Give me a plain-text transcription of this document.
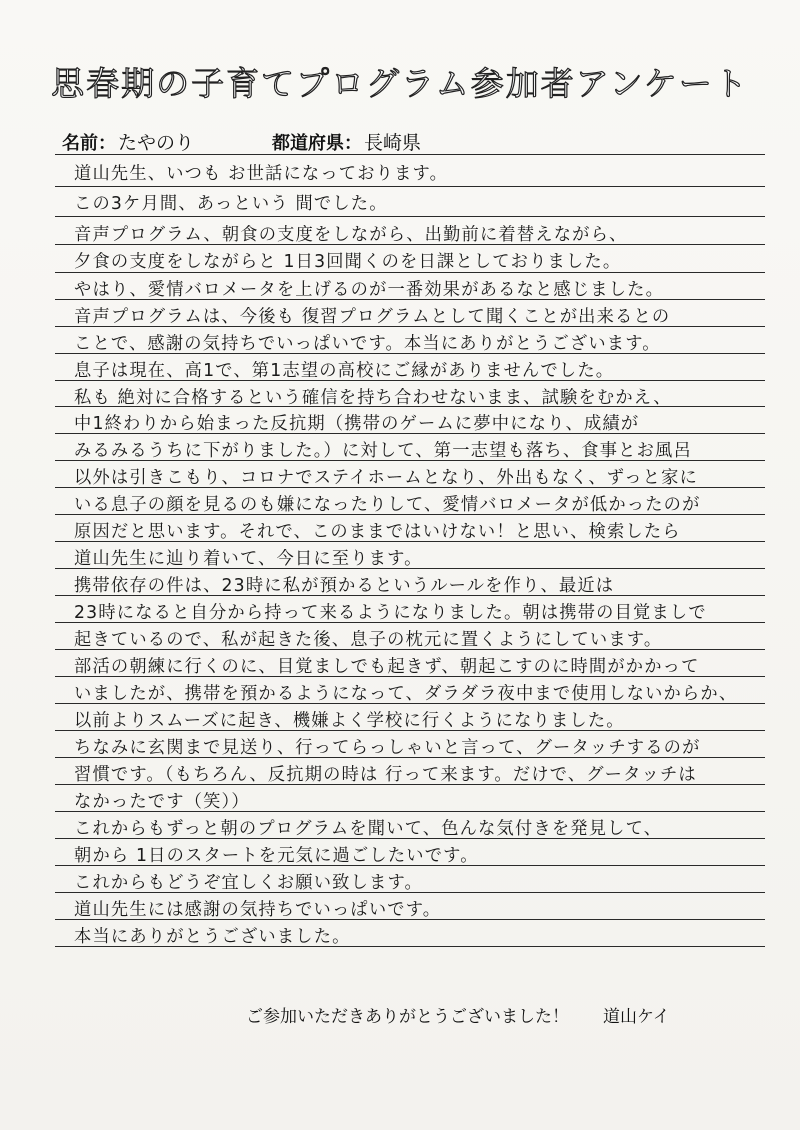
思春期の子育てプログラム参加者アンケート
名前： たやのり	都道府県： 長崎県
道山先生、いつも お世話になっております。
この3ケ月間、あっという 間でした。
音声プログラム、朝食の支度をしながら、出勤前に着替えながら、
夕食の支度をしながらと 1日3回聞くのを日課としておりました。
やはり、愛情バロメータを上げるのが一番効果があるなと感じました。
音声プログラムは、今後も 復習プログラムとして聞くことが出来るとの
ことで、感謝の気持ちでいっぱいです。本当にありがとうございます。
息子は現在、高1で、第1志望の高校にご縁がありませんでした。
私も 絶対に合格するという確信を持ち合わせないまま、試験をむかえ、
中1終わりから始まった反抗期（携帯のゲームに夢中になり、成績が
みるみるうちに下がりました。）に対して、第一志望も落ち、食事とお風呂
以外は引きこもり、コロナでステイホームとなり、外出もなく、ずっと家に
いる息子の顔を見るのも嫌になったりして、愛情バロメータが低かったのが
原因だと思います。それで、このままではいけない！と思い、検索したら
道山先生に辿り着いて、今日に至ります。
携帯依存の件は、23時に私が預かるというルールを作り、最近は
23時になると自分から持って来るようになりました。朝は携帯の目覚ましで
起きているので、私が起きた後、息子の枕元に置くようにしています。
部活の朝練に行くのに、目覚ましでも起きず、朝起こすのに時間がかかって
いましたが、携帯を預かるようになって、ダラダラ夜中まで使用しないからか、
以前よりスムーズに起き、機嫌よく学校に行くようになりました。
ちなみに玄関まで見送り、行ってらっしゃいと言って、グータッチするのが
習慣です。（もちろん、反抗期の時は 行って来ます。だけで、グータッチは
なかったです（笑））
これからもずっと朝のプログラムを聞いて、色んな気付きを発見して、
朝から 1日のスタートを元気に過ごしたいです。
これからもどうぞ宜しくお願い致します。
道山先生には感謝の気持ちでいっぱいです。
本当にありがとうございました。
ご参加いただきありがとうございました！ 道山ケイ
